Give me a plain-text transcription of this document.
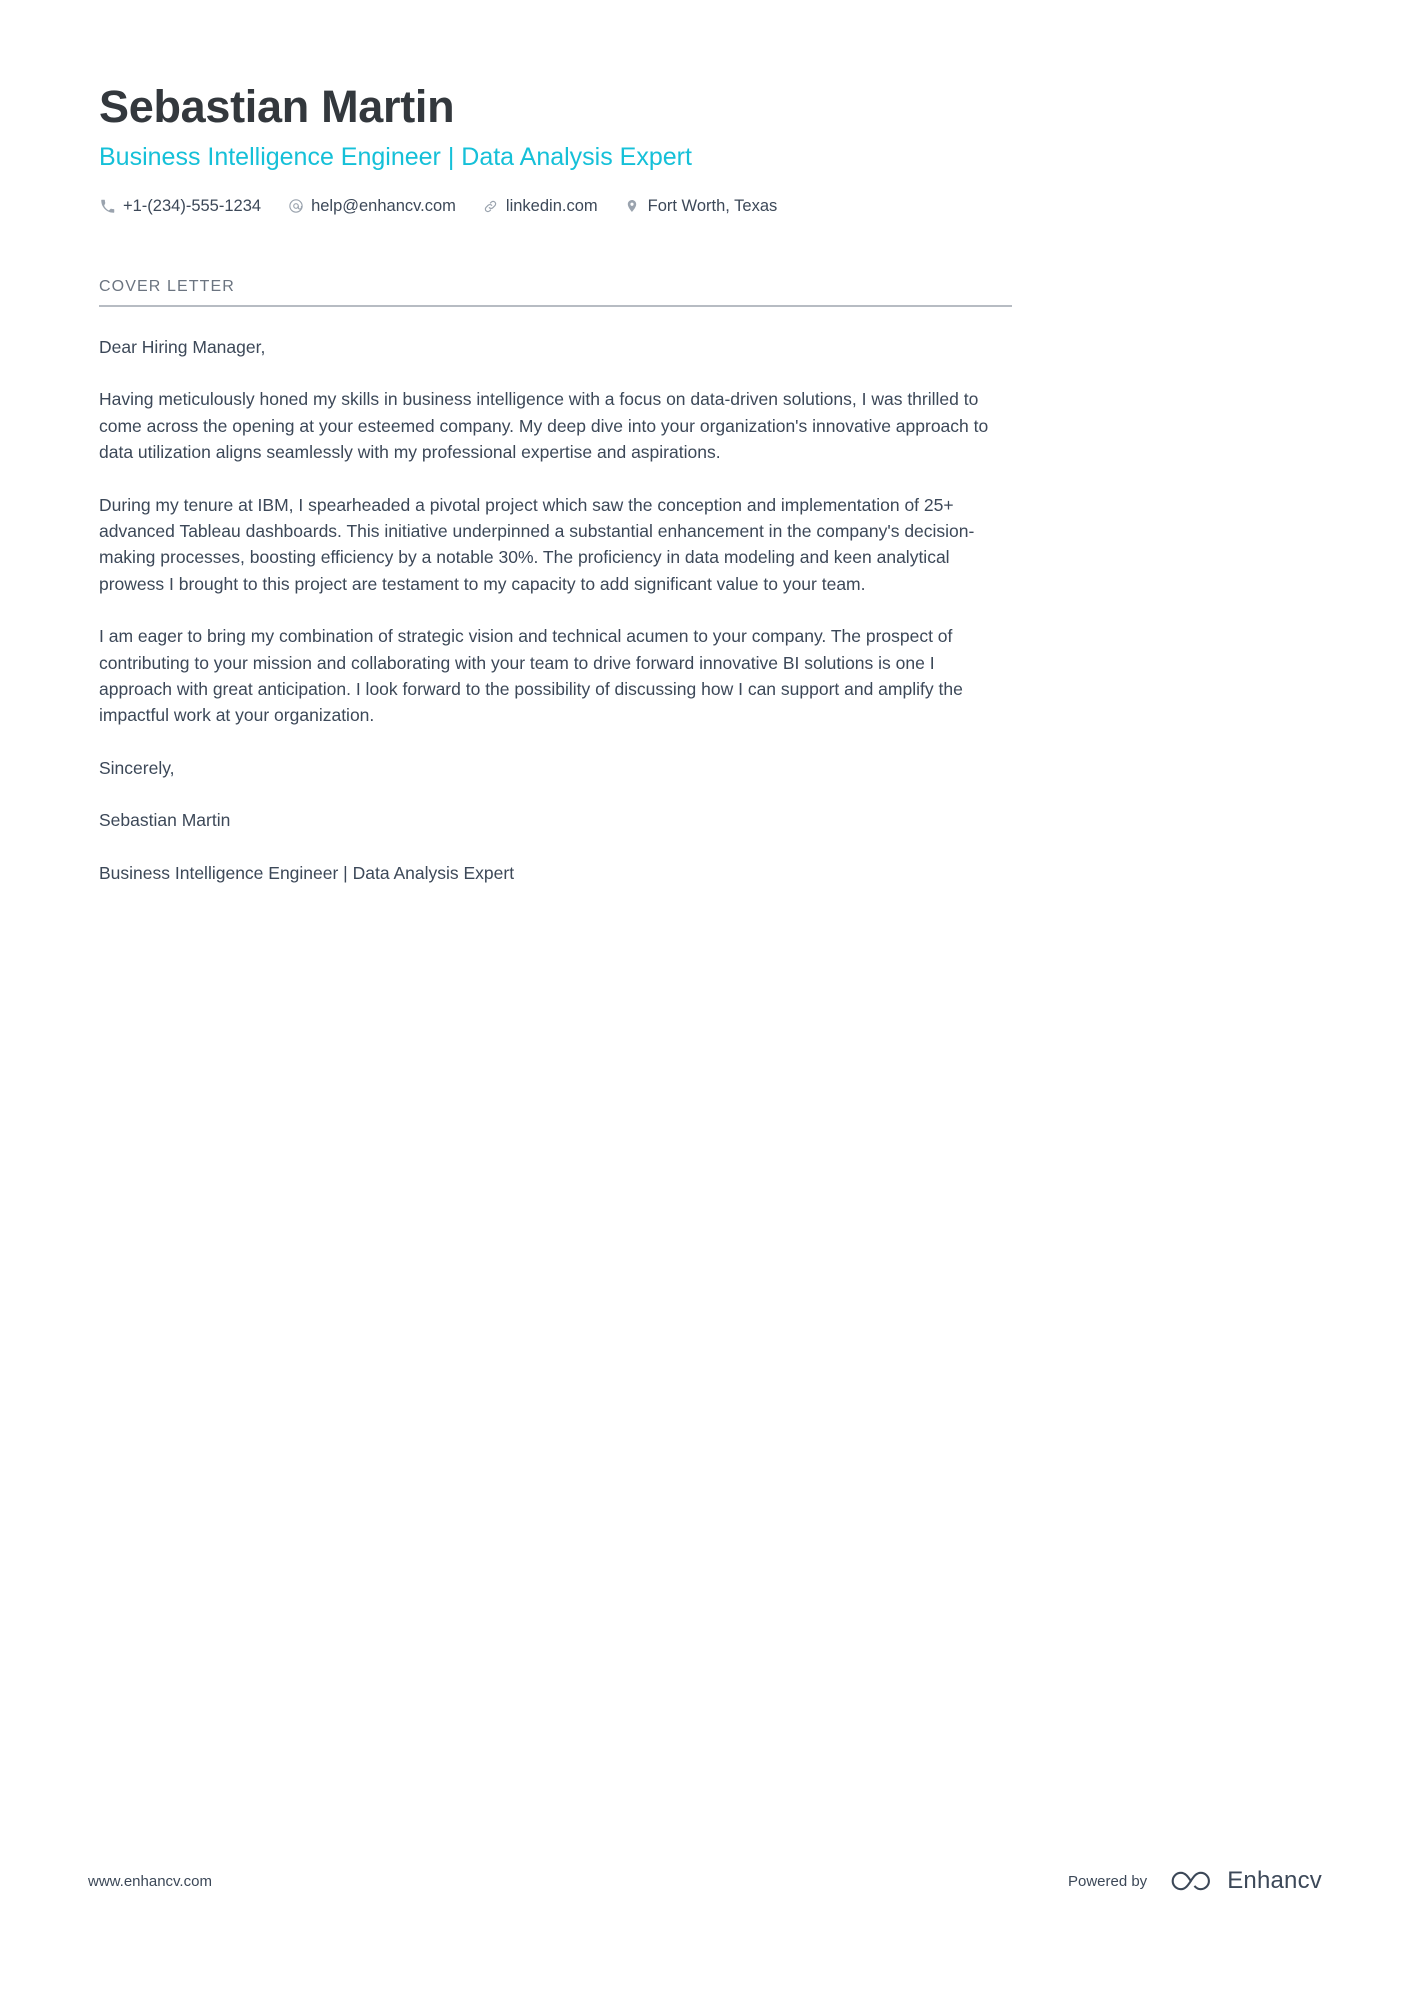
Sebastian Martin
Business Intelligence Engineer | Data Analysis Expert
+1-(234)-555-1234	help@enhancv.com	linkedin.com	Fort Worth, Texas
COVER LETTER

Dear Hiring Manager,

Having meticulously honed my skills in business intelligence with a focus on data-driven solutions, I was thrilled to come across the opening at your esteemed company. My deep dive into your organization's innovative approach to data utilization aligns seamlessly with my professional expertise and aspirations.

During my tenure at IBM, I spearheaded a pivotal project which saw the conception and implementation of 25+ advanced Tableau dashboards. This initiative underpinned a substantial enhancement in the company's decision-making processes, boosting efficiency by a notable 30%. The proficiency in data modeling and keen analytical prowess I brought to this project are testament to my capacity to add significant value to your team.

I am eager to bring my combination of strategic vision and technical acumen to your company. The prospect of contributing to your mission and collaborating with your team to drive forward innovative BI solutions is one I approach with great anticipation. I look forward to the possibility of discussing how I can support and amplify the impactful work at your organization.

Sincerely,

Sebastian Martin

Business Intelligence Engineer | Data Analysis Expert

www.enhancv.com	Powered by	Enhancv
